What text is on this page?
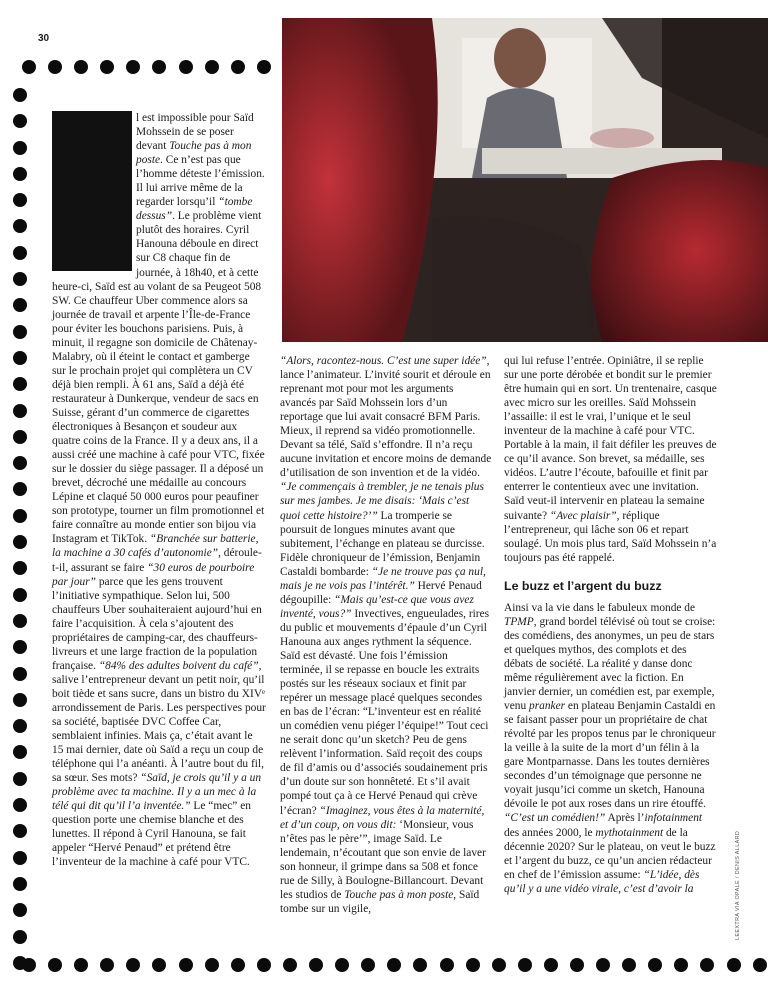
30

l est impossible pour Saïd Mohssein de se poser devant Touche pas à mon poste. Ce n’est pas que l’homme déteste l’émission. Il lui arrive même de la regarder lorsqu’il “tombe dessus”. Le problème vient plutôt des horaires. Cyril Hanouna déboule en direct sur C8 chaque fin de journée, à 18h40, et à cette heure-ci, Saïd est au volant de sa Peugeot 508 SW. Ce chauffeur Uber commence alors sa journée de travail et arpente l’Île-de-France pour éviter les bouchons parisiens. Puis, à minuit, il regagne son domicile de Châtenay-Malabry, où il éteint le contact et gamberge sur le prochain projet qui complètera un CV déjà bien rempli. À 61 ans, Saïd a déjà été restaurateur à Dunkerque, vendeur de sacs en Suisse, gérant d’un commerce de cigarettes électroniques à Besançon et soudeur aux quatre coins de la France. Il y a deux ans, il a aussi créé une machine à café pour VTC, fixée sur le dossier du siège passager. Il a déposé un brevet, décroché une médaille au concours Lépine et claqué 50 000 euros pour peaufiner son prototype, tourner un film promotionnel et faire connaître au monde entier son bijou via Instagram et TikTok. “Branchée sur batterie, la machine a 30 cafés d’autonomie”, déroule-t-il, assurant se faire “30 euros de pourboire par jour” parce que les gens trouvent l’initiative sympathique. Selon lui, 500 chauffeurs Uber souhaiteraient aujourd’hui en faire l’acquisition. À cela s’ajoutent des propriétaires de camping-car, des chauffeurs-livreurs et une large fraction de la population française. “84% des adultes boivent du café”, salive l’entrepreneur devant un petit noir, qu’il boit tiède et sans sucre, dans un bistro du XIVᵉ arrondissement de Paris. Les perspectives pour sa société, baptisée DVC Coffee Car, semblaient infinies. Mais ça, c’était avant le 15 mai dernier, date où Saïd a reçu un coup de téléphone qui l’a anéanti. À l’autre bout du fil, sa sœur. Ses mots? “Saïd, je crois qu’il y a un problème avec ta machine. Il y a un mec à la télé qui dit qu’il l’a inventée.” Le “mec” en question porte une chemise blanche et des lunettes. Il répond à Cyril Hanouna, se fait appeler “Hervé Penaud” et prétend être l’inventeur de la machine à café pour VTC.

“Alors, racontez-nous. C’est une super idée”, lance l’animateur. L’invité sourit et déroule en reprenant mot pour mot les arguments avancés par Saïd Mohssein lors d’un reportage que lui avait consacré BFM Paris. Mieux, il reprend sa vidéo promotionnelle. Devant sa télé, Saïd s’effondre. Il n’a reçu aucune invitation et encore moins de demande d’utilisation de son invention et de la vidéo. “Je commençais à trembler, je ne tenais plus sur mes jambes. Je me disais: ‘Mais c’est quoi cette histoire?’” La tromperie se poursuit de longues minutes avant que subitement, l’échange en plateau se durcisse. Fidèle chroniqueur de l’émission, Benjamin Castaldi bombarde: “Je ne trouve pas ça nul, mais je ne vois pas l’intérêt.” Hervé Penaud dégoupille: “Mais qu’est-ce que vous avez inventé, vous?” Invectives, engueulades, rires du public et mouvements d’épaule d’un Cyril Hanouna aux anges rythment la séquence. Saïd est dévasté. Une fois l’émission terminée, il se repasse en boucle les extraits postés sur les réseaux sociaux et finit par repérer un message placé quelques secondes en bas de l’écran: “L’inventeur est en réalité un comédien venu piéger l’équipe!” Tout ceci ne serait donc qu’un sketch? Peu de gens relèvent l’information. Saïd reçoit des coups de fil d’amis ou d’associés soudainement pris d’un doute sur son honnêteté. Et s’il avait pompé tout ça à ce Hervé Penaud qui crève l’écran? “Imaginez, vous êtes à la maternité, et d’un coup, on vous dit: ‘Monsieur, vous n’êtes pas le père’”, image Saïd. Le lendemain, n’écoutant que son envie de laver son honneur, il grimpe dans sa 508 et fonce rue de Silly, à Boulogne-Billancourt. Devant les studios de Touche pas à mon poste, Saïd tombe sur un vigile,

qui lui refuse l’entrée. Opiniâtre, il se replie sur une porte dérobée et bondit sur le premier être humain qui en sort. Un trentenaire, casque avec micro sur les oreilles. Saïd Mohssein l’assaille: il est le vrai, l’unique et le seul inventeur de la machine à café pour VTC. Portable à la main, il fait défiler les preuves de ce qu’il avance. Son brevet, sa médaille, ses vidéos. L’autre l’écoute, bafouille et finit par enterrer le contentieux avec une invitation. Saïd veut-il intervenir en plateau la semaine suivante? “Avec plaisir”, réplique l’entrepreneur, qui lâche son 06 et repart soulagé. Un mois plus tard, Saïd Mohssein n’a toujours pas été rappelé.

Le buzz et l’argent du buzz

Ainsi va la vie dans le fabuleux monde de TPMP, grand bordel télévisé où tout se croise: des comédiens, des anonymes, un peu de stars et quelques mythos, des complots et des débats de société. La réalité y danse donc même régulièrement avec la fiction. En janvier dernier, un comédien est, par exemple, venu pranker en plateau Benjamin Castaldi en se faisant passer pour un propriétaire de chat révolté par les propos tenus par le chroniqueur la veille à la suite de la mort d’un félin à la gare Montparnasse. Dans les toutes dernières secondes d’un témoignage que personne ne voyait jusqu’ici comme un sketch, Hanouna dévoile le pot aux roses dans un rire étouffé. “C’est un comédien!” Après l’infotainment des années 2000, le mythotainment de la décennie 2020? Sur le plateau, on veut le buzz et l’argent du buzz, ce qu’un ancien rédacteur en chef de l’émission assume: “L’idée, dès qu’il y a une vidéo virale, c’est d’avoir la	LEEXTRA VIA OPALE / DENIS ALLARD
